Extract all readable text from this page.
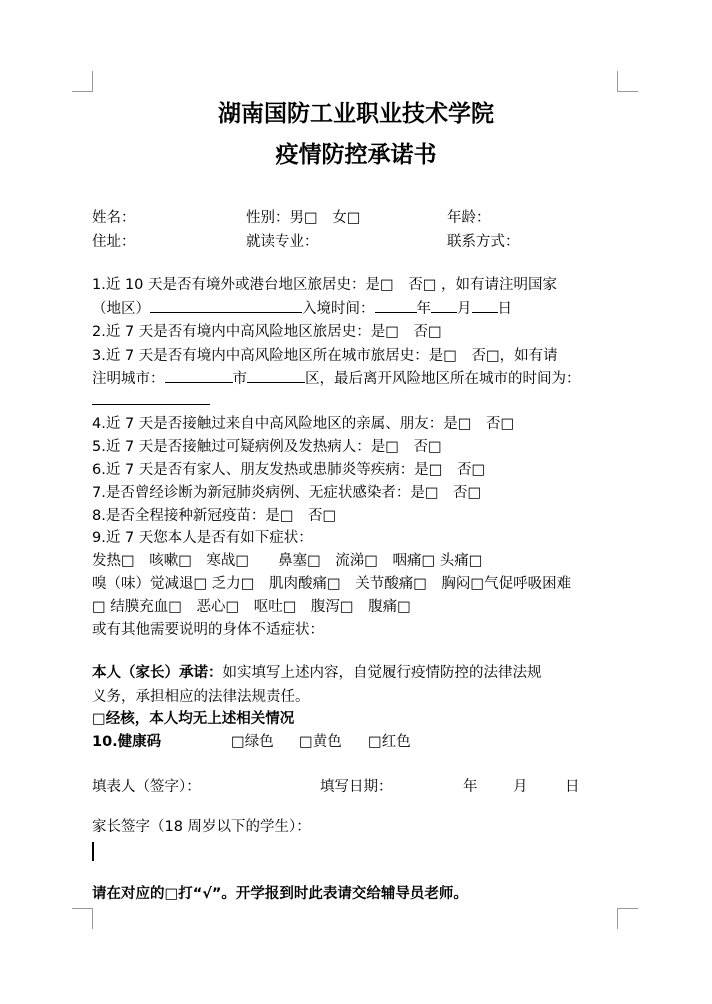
湖南国防工业职业技术学院
疫情防控承诺书
姓名：	性别：男□　女□	年龄：
住址：	就读专业：	联系方式：
1.近 10 天是否有境外或港台地区旅居史：是□　否□ ，如有请注明国家
（地区）	入境时间：	年 月 日
2.近 7 天是否有境内中高风险地区旅居史：是□　否□
3.近 7 天是否有境内中高风险地区所在城市旅居史：是□　否□，如有请
注明城市：	市	区，最后离开风险地区所在城市的时间为：
4.近 7 天是否接触过来自中高风险地区的亲属、朋友：是□　否□
5.近 7 天是否接触过可疑病例及发热病人：是□　否□
6.近 7 天是否有家人、朋友发热或患肺炎等疾病：是□　否□
7.是否曾经诊断为新冠肺炎病例、无症状感染者：是□　否□
8.是否全程接种新冠疫苗：是□　否□
9.近 7 天您本人是否有如下症状：
发热□　咳嗽□　寒战□　　鼻塞□　流涕□　咽痛□ 头痛□
嗅（味）觉减退□ 乏力□　肌肉酸痛□　关节酸痛□　胸闷□气促呼吸困难
□ 结膜充血□　恶心□　呕吐□　腹泻□　腹痛□
或有其他需要说明的身体不适症状：
本人（家长）承诺：如实填写上述内容，自觉履行疫情防控的法律法规
义务，承担相应的法律法规责任。
□经核，本人均无上述相关情况
10.健康码	□绿色 □黄色 □红色
填表人（签字）：	填写日期：	年 月	日
家长签字（18 周岁以下的学生）：
请在对应的□打“√”。开学报到时此表请交给辅导员老师。
